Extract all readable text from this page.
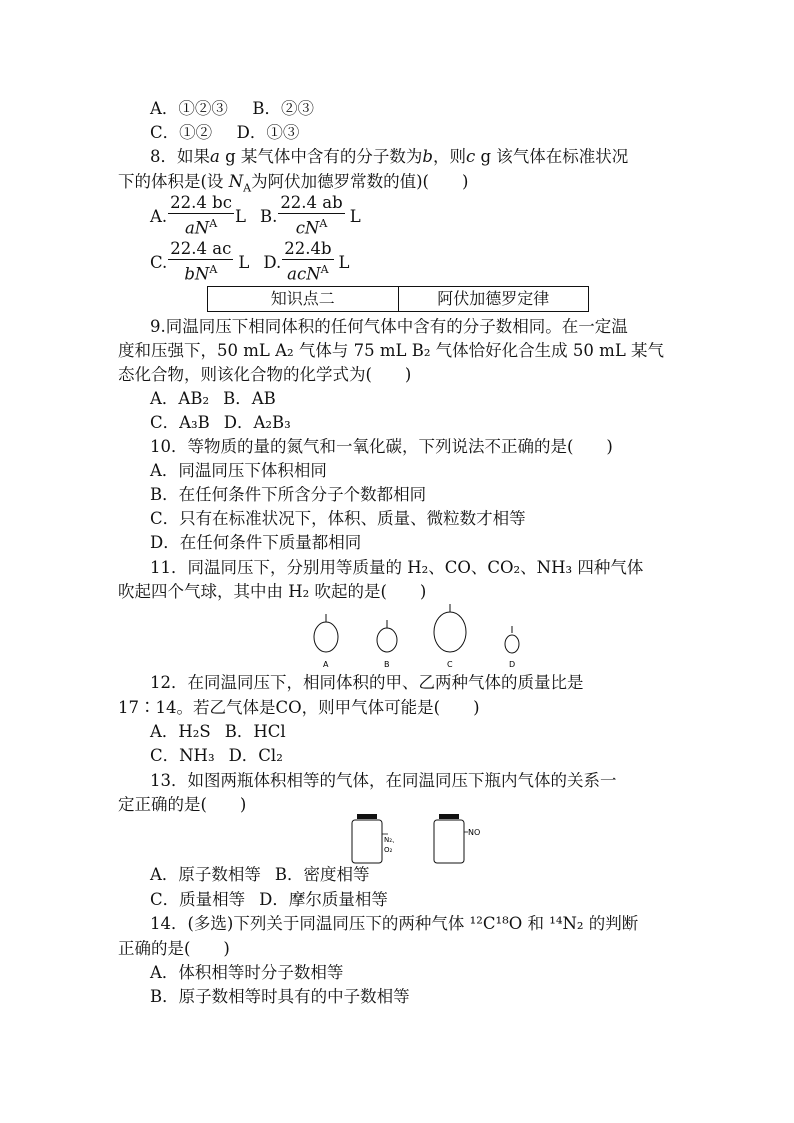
A．①②③ B．②③
C．①② D．①③
8．如果a g 某气体中含有的分子数为b，则c g 该气体在标准状况
下的体积是(设 $N_A$为阿伏加德罗常数的值)(　　)
A. $\frac{22.4 bc}{aN^A}$ L B. $\frac{22.4 ab}{cN^A}$ L
C. $\frac{22.4 ac}{bN^A}$ L D. $\frac{22.4b}{acN^A}$ L
知识点二	阿伏加德罗定律
9.同温同压下相同体积的任何气体中含有的分子数相同。在一定温
度和压强下，50 mL A₂ 气体与 75 mL B₂ 气体恰好化合生成 50 mL 某气
态化合物，则该化合物的化学式为(　　)
A．AB₂ B．AB
C．A₃B D．A₂B₃
10．等物质的量的氮气和一氧化碳，下列说法不正确的是(　　)
A．同温同压下体积相同
B．在任何条件下所含分子个数都相同
C．只有在标准状况下，体积、质量、微粒数才相等
D．在任何条件下质量都相同
11．同温同压下，分别用等质量的 H₂、CO、CO₂、NH₃ 四种气体
吹起四个气球，其中由 H₂ 吹起的是(　　)
A	B	C	D
12．在同温同压下，相同体积的甲、乙两种气体的质量比是
17∶14。若乙气体是CO，则甲气体可能是(　　)
A．H₂S B．HCl
C．NH₃ D．Cl₂
13．如图两瓶体积相等的气体，在同温同压下瓶内气体的关系一
定正确的是(　　)
N₂、
O₂
NO
A．原子数相等 B．密度相等
C．质量相等 D．摩尔质量相等
14．(多选)下列关于同温同压下的两种气体 ¹²C¹⁸O 和 ¹⁴N₂ 的判断
正确的是(　　)
A．体积相等时分子数相等
B．原子数相等时具有的中子数相等
